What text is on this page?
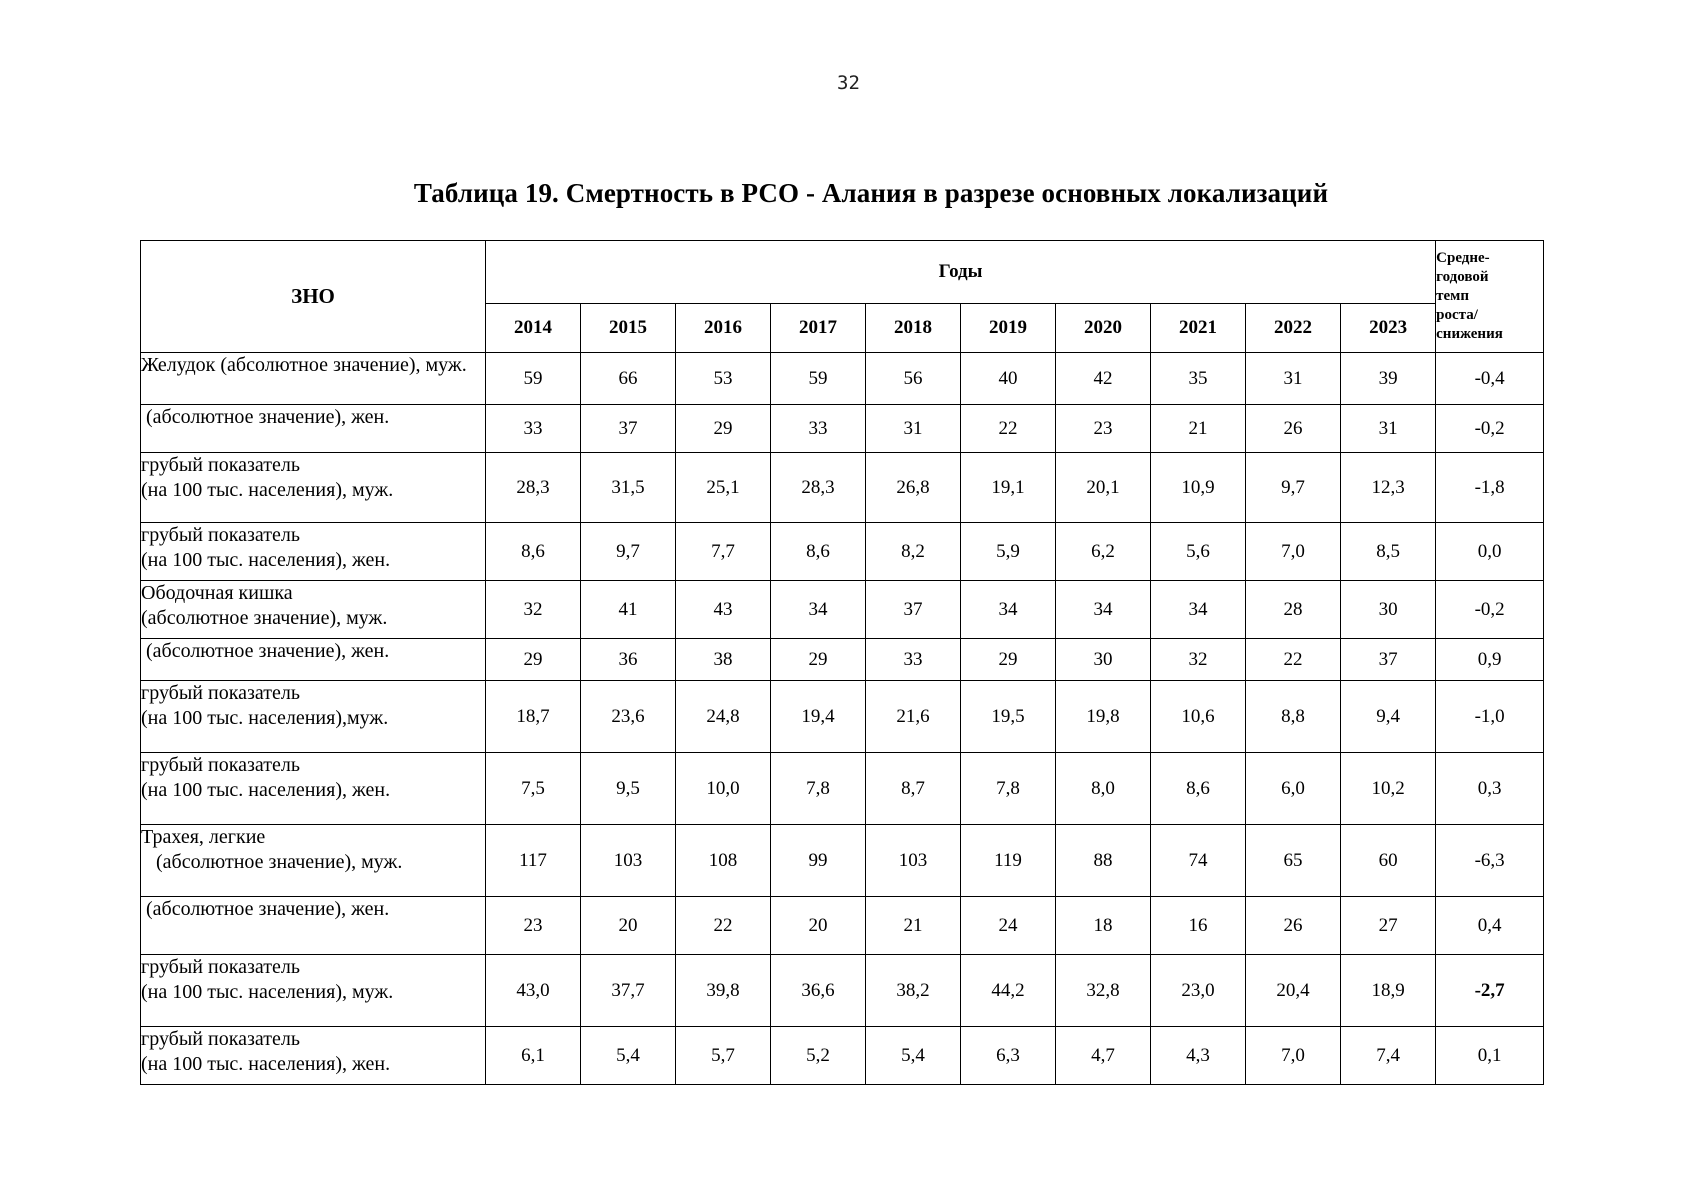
32
Таблица 19. Смертность в РСО - Алания в разрезе основных локализаций
ЗНО	Годы										Средне-
годовой
темп
роста/
снижения
	2014	2015	2016	2017	2018	2019	2020	2021	2022	2023	
Желудок (абсолютное значение), муж.	59	66	53	59	56	40	42	35	31	39	-0,4
(абсолютное значение), жен.	33	37	29	33	31	22	23	21	26	31	-0,2
грубый показатель
(на 100 тыс. населения), муж.	28,3	31,5	25,1	28,3	26,8	19,1	20,1	10,9	9,7	12,3	-1,8
грубый показатель
(на 100 тыс. населения), жен.	8,6	9,7	7,7	8,6	8,2	5,9	6,2	5,6	7,0	8,5	0,0
Ободочная кишка
(абсолютное значение), муж.	32	41	43	34	37	34	34	34	28	30	-0,2
(абсолютное значение), жен.	29	36	38	29	33	29	30	32	22	37	0,9
грубый показатель
(на 100 тыс. населения),муж.	18,7	23,6	24,8	19,4	21,6	19,5	19,8	10,6	8,8	9,4	-1,0
грубый показатель
(на 100 тыс. населения), жен.	7,5	9,5	10,0	7,8	8,7	7,8	8,0	8,6	6,0	10,2	0,3
Трахея, легкие
(абсолютное значение), муж.	117	103	108	99	103	119	88	74	65	60	-6,3
(абсолютное значение), жен.	23	20	22	20	21	24	18	16	26	27	0,4
грубый показатель
(на 100 тыс. населения), муж.	43,0	37,7	39,8	36,6	38,2	44,2	32,8	23,0	20,4	18,9	-2,7
грубый показатель
(на 100 тыс. населения), жен.	6,1	5,4	5,7	5,2	5,4	6,3	4,7	4,3	7,0	7,4	0,1
